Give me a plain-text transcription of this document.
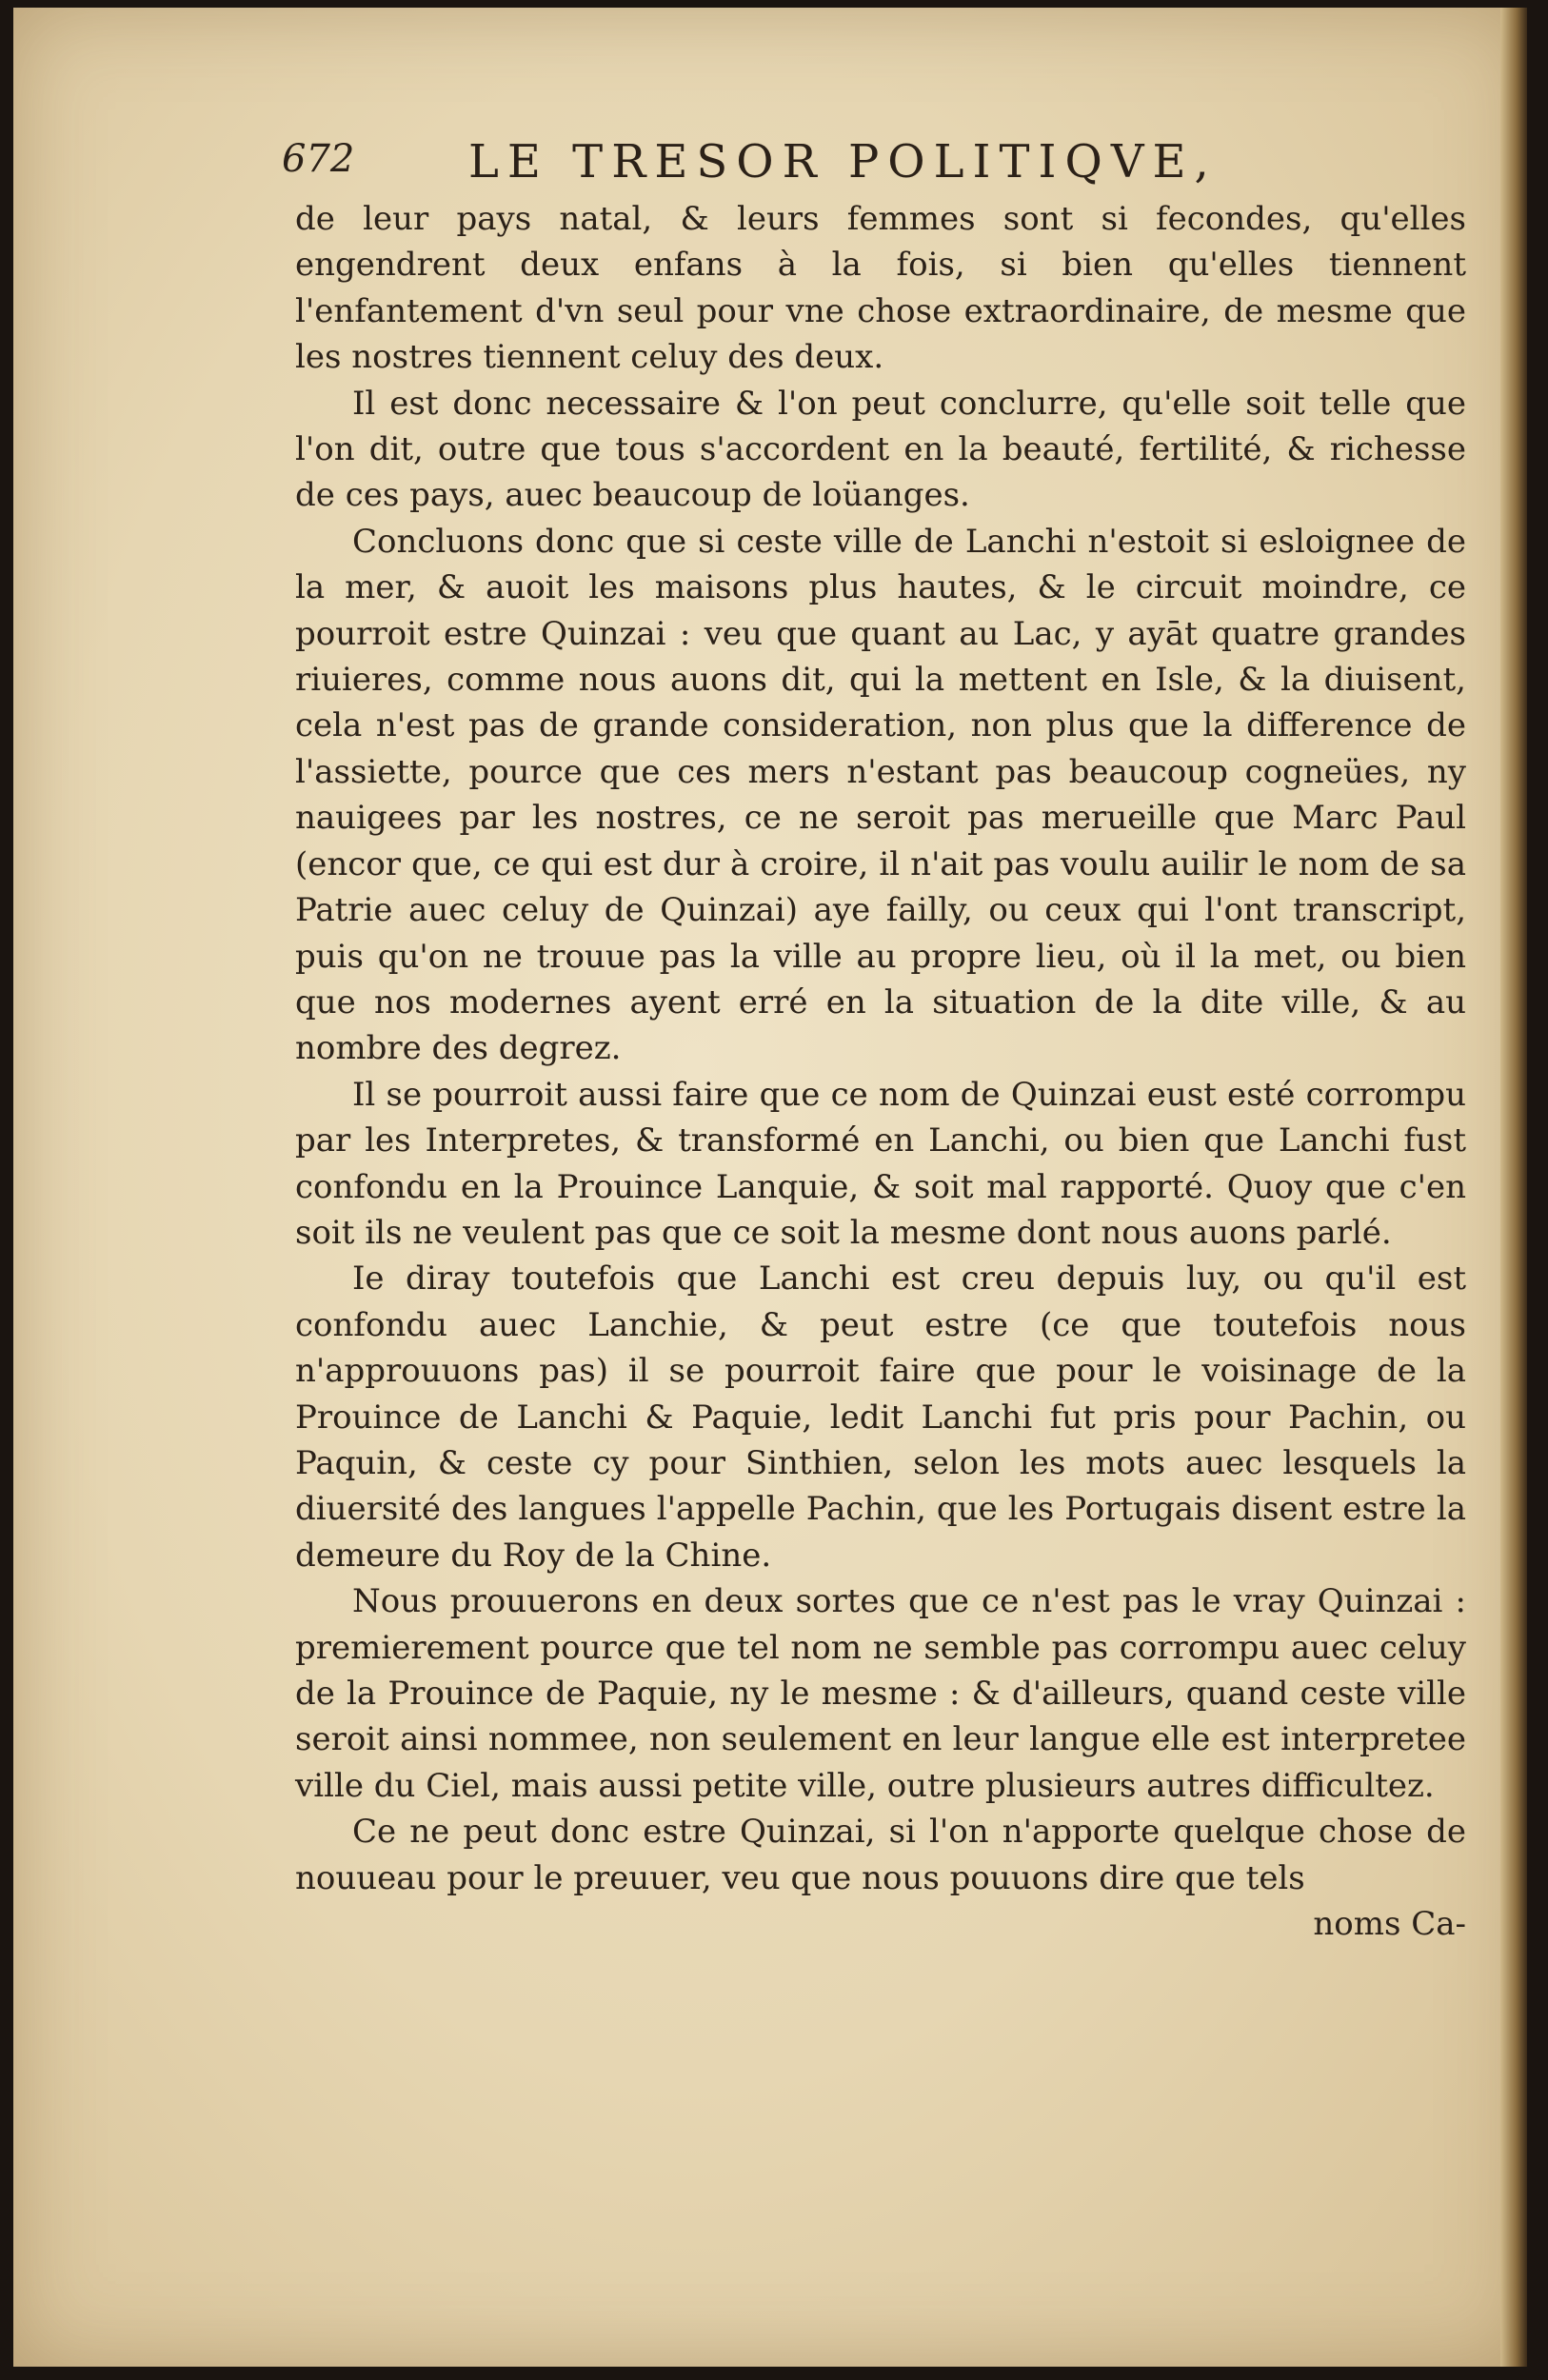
672 LE TRESOR POLITIQVE,

de leur pays natal, & leurs femmes sont si fecondes, qu'elles engendrent deux enfans à la fois, si bien qu'elles tiennent l'enfantement d'vn seul pour vne chose extraordinaire, de mesme que les nostres tiennent celuy des deux.

Il est donc necessaire & l'on peut conclurre, qu'elle soit telle que l'on dit, outre que tous s'accordent en la beauté, fertilité, & richesse de ces pays, auec beaucoup de loüanges.

Concluons donc que si ceste ville de Lanchi n'estoit si esloignee de la mer, & auoit les maisons plus hautes, & le circuit moindre, ce pourroit estre Quinzai : veu que quant au Lac, y ayāt quatre grandes riuieres, comme nous auons dit, qui la mettent en Isle, & la diuisent, cela n'est pas de grande consideration, non plus que la difference de l'assiette, pource que ces mers n'estant pas beaucoup cogneües, ny nauigees par les nostres, ce ne seroit pas merueille que Marc Paul (encor que, ce qui est dur à croire, il n'ait pas voulu auilir le nom de sa Patrie auec celuy de Quinzai) aye failly, ou ceux qui l'ont transcript, puis qu'on ne trouue pas la ville au propre lieu, où il la met, ou bien que nos modernes ayent erré en la situation de la dite ville, & au nombre des degrez.

Il se pourroit aussi faire que ce nom de Quinzai eust esté corrompu par les Interpretes, & transformé en Lanchi, ou bien que Lanchi fust confondu en la Prouince Lanquie, & soit mal rapporté. Quoy que c'en soit ils ne veulent pas que ce soit la mesme dont nous auons parlé.

Ie diray toutefois que Lanchi est creu depuis luy, ou qu'il est confondu auec Lanchie, & peut estre (ce que toutefois nous n'approuuons pas) il se pourroit faire que pour le voisinage de la Prouince de Lanchi & Paquie, ledit Lanchi fut pris pour Pachin, ou Paquin, & ceste cy pour Sinthien, selon les mots auec lesquels la diuersité des langues l'appelle Pachin, que les Portugais disent estre la demeure du Roy de la Chine.

Nous prouuerons en deux sortes que ce n'est pas le vray Quinzai : premierement pource que tel nom ne semble pas corrompu auec celuy de la Prouince de Paquie, ny le mesme : & d'ailleurs, quand ceste ville seroit ainsi nommee, non seulement en leur langue elle est interpretee ville du Ciel, mais aussi petite ville, outre plusieurs autres difficultez.

Ce ne peut donc estre Quinzai, si l'on n'apporte quelque chose de nouueau pour le preuuer, veu que nous pouuons dire que tels

noms Ca-
